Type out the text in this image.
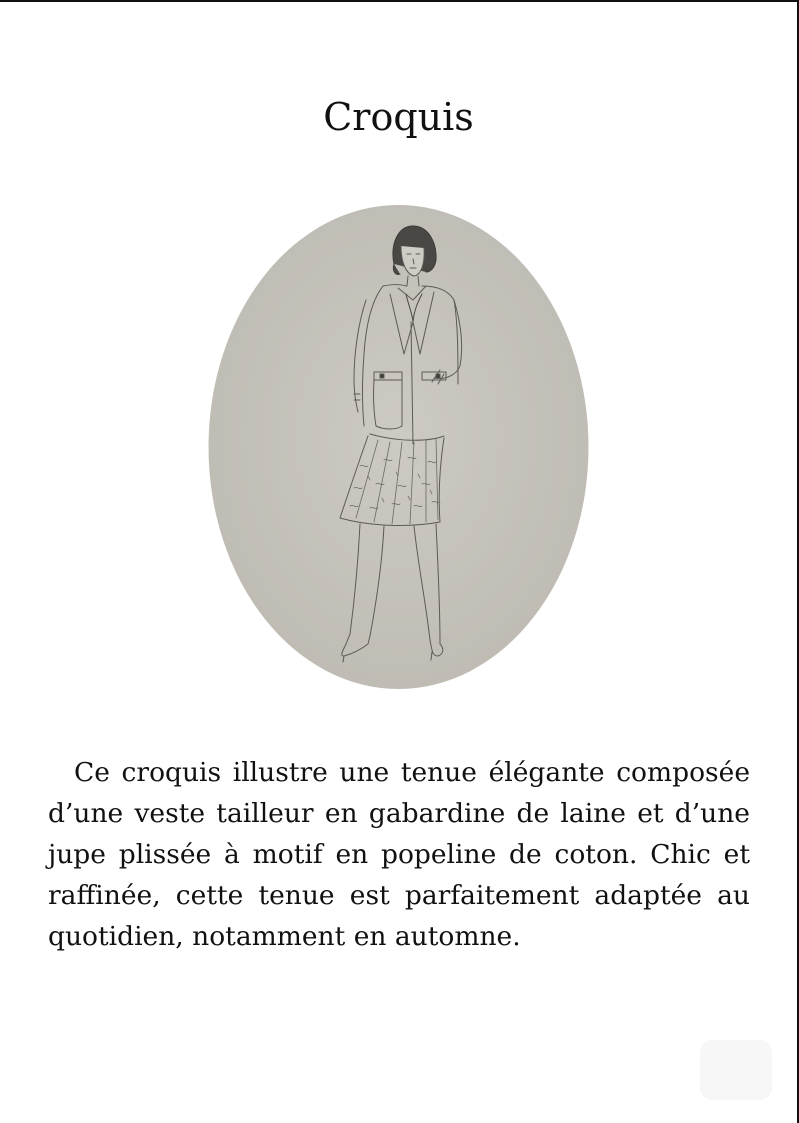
Croquis

Ce croquis illustre une tenue élégante composée d’une veste tailleur en gabardine de laine et d’une jupe plissée à motif en popeline de coton. Chic et raffinée, cette tenue est parfaitement adaptée au quotidien, notamment en automne.
